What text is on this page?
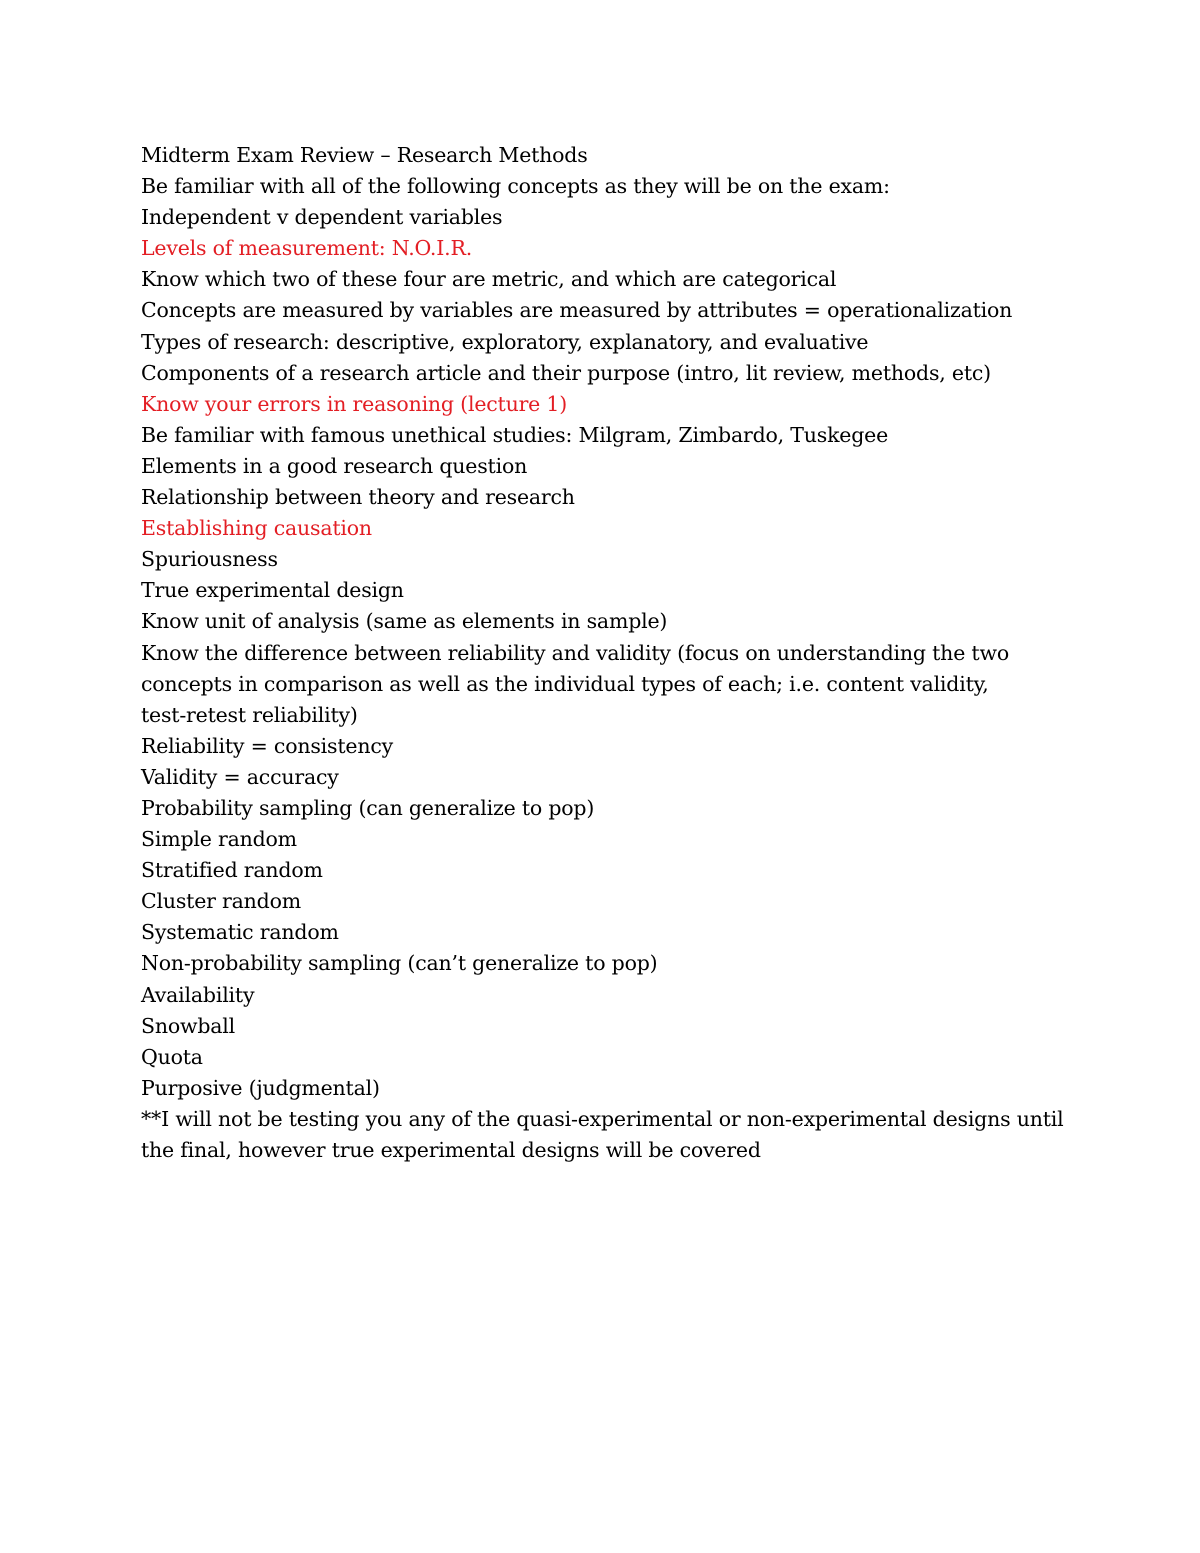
Midterm Exam Review – Research Methods
Be familiar with all of the following concepts as they will be on the exam:
Independent v dependent variables
Levels of measurement: N.O.I.R.
Know which two of these four are metric, and which are categorical
Concepts are measured by variables are measured by attributes = operationalization
Types of research: descriptive, exploratory, explanatory, and evaluative
Components of a research article and their purpose (intro, lit review, methods, etc)
Know your errors in reasoning (lecture 1)
Be familiar with famous unethical studies: Milgram, Zimbardo, Tuskegee
Elements in a good research question
Relationship between theory and research
Establishing causation
Spuriousness
True experimental design
Know unit of analysis (same as elements in sample)
Know the difference between reliability and validity (focus on understanding the two
concepts in comparison as well as the individual types of each; i.e. content validity,
test-retest reliability)
Reliability = consistency
Validity = accuracy
Probability sampling (can generalize to pop)
Simple random
Stratified random
Cluster random
Systematic random
Non-probability sampling (can’t generalize to pop)
Availability
Snowball
Quota
Purposive (judgmental)
**I will not be testing you any of the quasi-experimental or non-experimental designs until
the final, however true experimental designs will be covered
